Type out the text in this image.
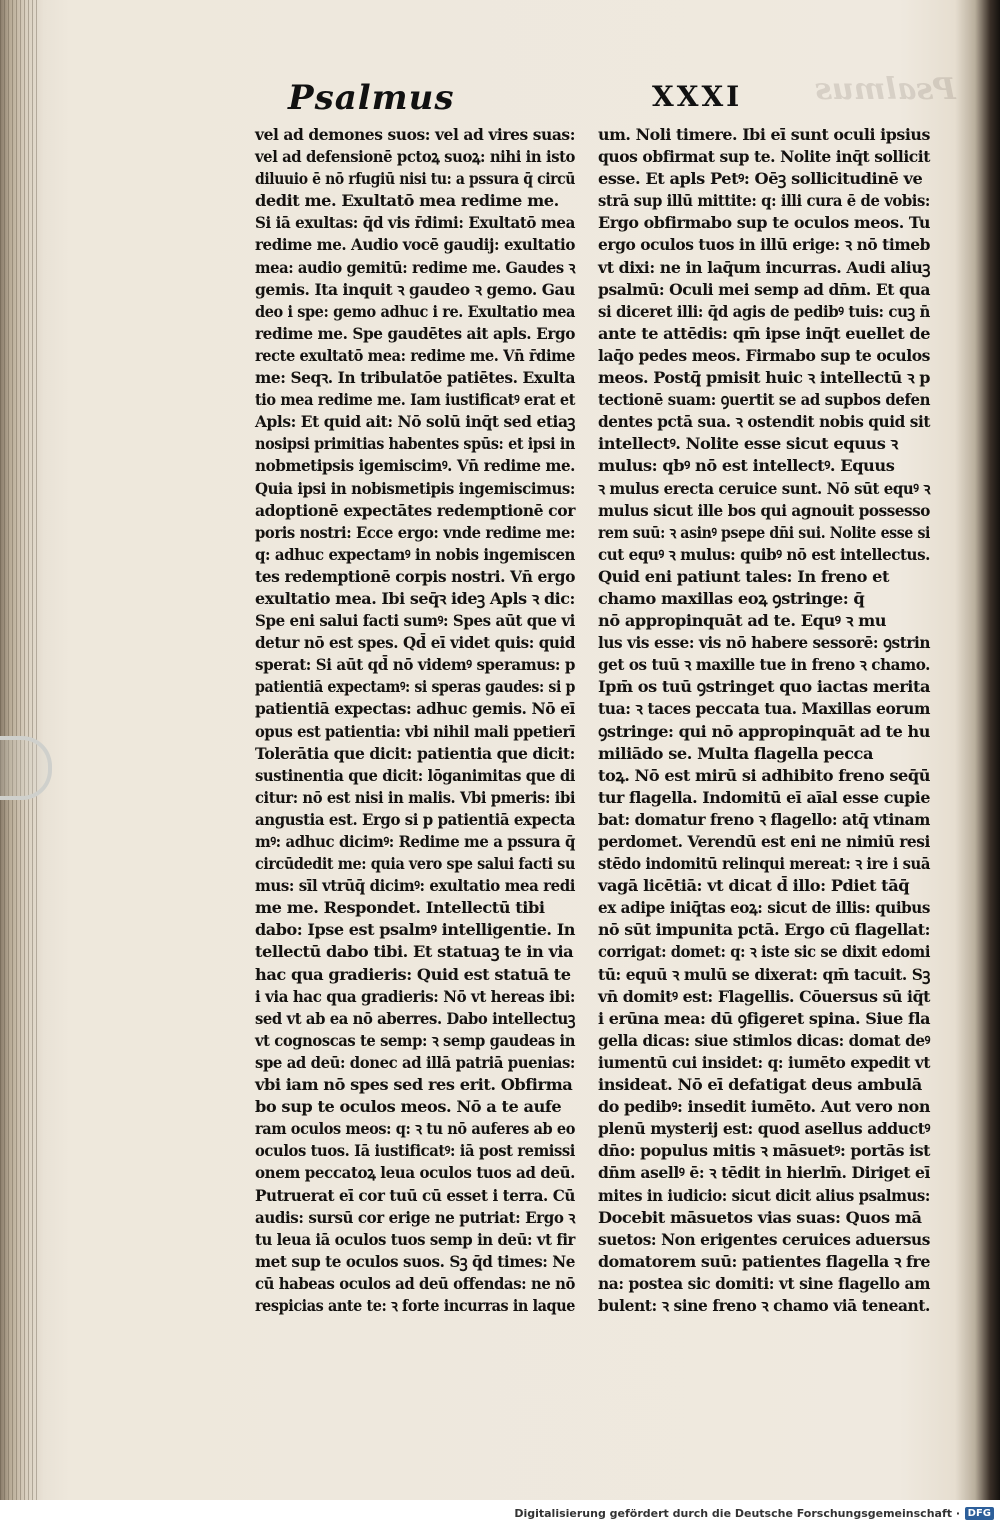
Psalmus
Psalmus	XXXI
vel ad demones suos: vel ad vires suas:
vel ad defensionē pctoꝝ suoꝝ: nihi in isto
diluuio ē nō rfugiū nisi tu: a pssura q̄ circū
dedit me. Exultatō mea redime me.
Si iā exultas: q̄d vis r̄dimi: Exultatō mea
redime me. Audio vocē gaudij: exultatio
mea: audio gemitū: redime me. Gaudes ꝛ
gemis. Ita inquit ꝛ gaudeo ꝛ gemo. Gau
deo i spe: gemo adhuc i re. Exultatio mea
redime me. Spe gaudētes ait apls. Ergo
recte exultatō mea: redime me. Vn̄ r̄dime
me: Seqꝛ. In tribulatōe patiētes. Exulta
tio mea redime me. Iam iustificatꝰ erat et
Apls: Et quid ait: Nō solū inq̄t sed etiaꝫ
nosipsi primitias habentes spūs: et ipsi in
nobmetipsis igemiscimꝰ. Vn̄ redime me.
Quia ipsi in nobismetipis ingemiscimus:
adoptionē expectātes redemptionē cor
poris nostri: Ecce ergo: vnde redime me:
q: adhuc expectamꝰ in nobis ingemiscen
tes redemptionē corpis nostri. Vn̄ ergo
exultatio mea. Ibi seq̄ꝛ ideꝫ Apls ꝛ dic:
Spe eni salui facti sumꝰ: Spes aūt que vi
detur nō est spes. Qd̄ eī videt quis: quid
sperat: Si aūt qd̄ nō videmꝰ speramus: p
patientiā expectamꝰ: si speras gaudes: si p
patientiā expectas: adhuc gemis. Nō eī
opus est patientia: vbi nihil mali ppetierī
Tolerātia que dicit: patientia que dicit:
sustinentia que dicit: lōganimitas que di
citur: nō est nisi in malis. Vbi pmeris: ibi
angustia est. Ergo si p patientiā expecta
mꝰ: adhuc dicimꝰ: Redime me a pssura q̄
circūdedit me: quia vero spe salui facti su
mus: sīl vtrūq̄ dicimꝰ: exultatio mea redi
me me. Respondet. Intellectū tibi
dabo: Ipse est psalmꝰ intelligentie. In
tellectū dabo tibi. Et statuaꝫ te in via
hac qua gradieris: Quid est statuā te
i via hac qua gradieris: Nō vt hereas ibi:
sed vt ab ea nō aberres. Dabo intellectuꝫ
vt cognoscas te semp: ꝛ semp gaudeas in
spe ad deū: donec ad illā patriā puenias:
vbi iam nō spes sed res erit. Obfirma
bo sup te oculos meos. Nō a te aufe
ram oculos meos: q: ꝛ tu nō auferes ab eo
oculos tuos. Iā iustificatꝰ: iā post remissi
onem peccatoꝝ leua oculos tuos ad deū.
Putruerat eī cor tuū cū esset i terra. Cū
audis: sursū cor erige ne putriat: Ergo ꝛ
tu leua iā oculos tuos semp in deū: vt fir
met sup te oculos suos. Sꝫ q̄d times: Ne
cū habeas oculos ad deū offendas: ne nō
respicias ante te: ꝛ forte incurras in laque
um. Noli timere. Ibi eī sunt oculi ipsius
quos obfirmat sup te. Nolite inq̄t sollicit
esse. Et apls Petꝰ: Oēꝫ sollicitudinē ve
strā sup illū mittite: q: illi cura ē de vobis:
Ergo obfirmabo sup te oculos meos. Tu
ergo oculos tuos in illū erige: ꝛ nō timeb
vt dixi: ne in laq̄um incurras. Audi aliuꝫ
psalmū: Oculi mei semp ad dn̄m. Et qua
si diceret illi: q̄d agis de pedibꝰ tuis: cuꝫ n̄
ante te attēdis: qm̄ ipse inq̄t euellet de
laq̄o pedes meos. Firmabo sup te oculos
meos. Postq̄ pmisit huic ꝛ intellectū ꝛ p
tectionē suam: ꝯuertit se ad supbos defen
dentes pctā sua. ꝛ ostendit nobis quid sit
intellectꝰ. Nolite esse sicut equus ꝛ
mulus: qbꝰ nō est intellectꝰ. Equus
ꝛ mulus erecta ceruice sunt. Nō sūt equꝰ ꝛ
mulus sicut ille bos qui agnouit possesso
rem suū: ꝛ asinꝰ psepe dn̄i sui. Nolite esse si
cut equꝰ ꝛ mulus: quibꝰ nō est intellectus.
Quid eni patiunt tales: In freno et
chamo maxillas eoꝝ ꝯstringe: q̄
nō appropinquāt ad te. Equꝰ ꝛ mu
lus vis esse: vis nō habere sessorē: ꝯstrin
get os tuū ꝛ maxille tue in freno ꝛ chamo.
Ipm̄ os tuū ꝯstringet quo iactas merita
tua: ꝛ taces peccata tua. Maxillas eorum
ꝯstringe: qui nō appropinquāt ad te hu
miliādo se. Multa flagella pecca
toꝝ. Nō est mirū si adhibito freno seq̄ū
tur flagella. Indomitū eī aīal esse cupie
bat: domatur freno ꝛ flagello: atq̄ vtinam
perdomet. Verendū est eni ne nimiū resi
stēdo indomitū relinqui mereat: ꝛ ire i suā
vagā licētiā: vt dicat d̄ illo: Pdiet tāq̄
ex adipe iniq̄tas eoꝝ: sicut de illis: quibus
nō sūt impunita pctā. Ergo cū flagellat:
corrigat: domet: q: ꝛ iste sic se dixit edomi
tū: equū ꝛ mulū se dixerat: qm̄ tacuit. Sꝫ
vn̄ domitꝰ est: Flagellis. Cōuersus sū iq̄t
i erūna mea: dū ꝯfigeret spina. Siue fla
gella dicas: siue stimlos dicas: domat deꝰ
iumentū cui insidet: q: iumēto expedit vt
insideat. Nō eī defatigat deus ambulā
do pedibꝰ: insedit iumēto. Aut vero non
plenū mysterij est: quod asellus adductꝰ
dn̄o: populus mitis ꝛ māsuetꝰ: portās ist
dn̄m asellꝰ ē: ꝛ tēdit in hierlm̄. Diriget eī
mites in iudicio: sicut dicit alius psalmus:
Docebit māsuetos vias suas: Quos mā
suetos: Non erigentes ceruices aduersus
domatorem suū: patientes flagella ꝛ fre
na: postea sic domiti: vt sine flagello am
bulent: ꝛ sine freno ꝛ chamo viā teneant.
Digitalisierung gefördert durch die Deutsche Forschungsgemeinschaft · DFG
